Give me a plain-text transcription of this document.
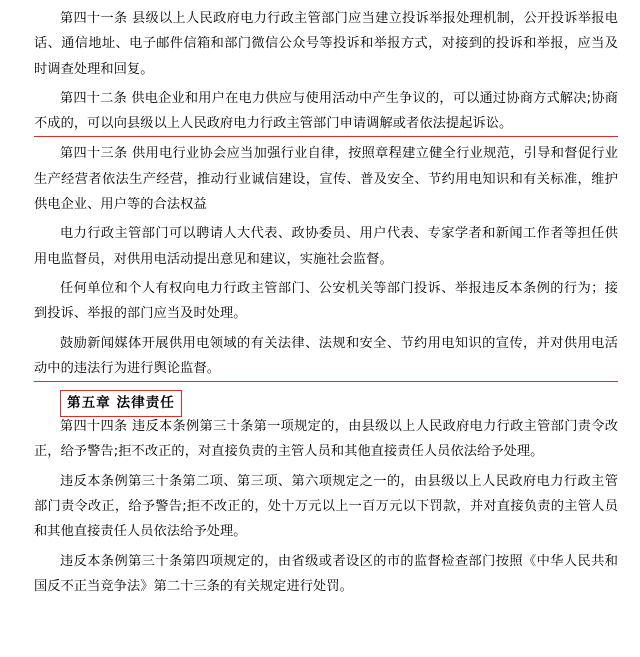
第四十一条 县级以上人民政府电力行政主管部门应当建立投诉举报处理机制，公开投诉举报电话、通信地址、电子邮件信箱和部门微信公众号等投诉和举报方式，对接到的投诉和举报，应当及时调查处理和回复。

第四十二条 供电企业和用户在电力供应与使用活动中产生争议的，可以通过协商方式解决;协商不成的，可以向县级以上人民政府电力行政主管部门申请调解或者依法提起诉讼。

第四十三条 供用电行业协会应当加强行业自律，按照章程建立健全行业规范，引导和督促行业生产经营者依法生产经营，推动行业诚信建设，宣传、普及安全、节约用电知识和有关标准，维护供电企业、用户等的合法权益

电力行政主管部门可以聘请人大代表、政协委员、用户代表、专家学者和新闻工作者等担任供用电监督员，对供用电活动提出意见和建议，实施社会监督。

任何单位和个人有权向电力行政主管部门、公安机关等部门投诉、举报违反本条例的行为；接到投诉、举报的部门应当及时处理。

鼓励新闻媒体开展供用电领域的有关法律、法规和安全、节约用电知识的宣传，并对供用电活动中的违法行为进行舆论监督。

第五章 法律责任

第四十四条 违反本条例第三十条第一项规定的，由县级以上人民政府电力行政主管部门责令改正，给予警告;拒不改正的，对直接负责的主管人员和其他直接责任人员依法给予处理。

违反本条例第三十条第二项、第三项、第六项规定之一的，由县级以上人民政府电力行政主管部门责令改正，给予警告;拒不改正的，处十万元以上一百万元以下罚款，并对直接负责的主管人员和其他直接责任人员依法给予处理。

违反本条例第三十条第四项规定的，由省级或者设区的市的监督检查部门按照《中华人民共和国反不正当竞争法》第二十三条的有关规定进行处罚。
